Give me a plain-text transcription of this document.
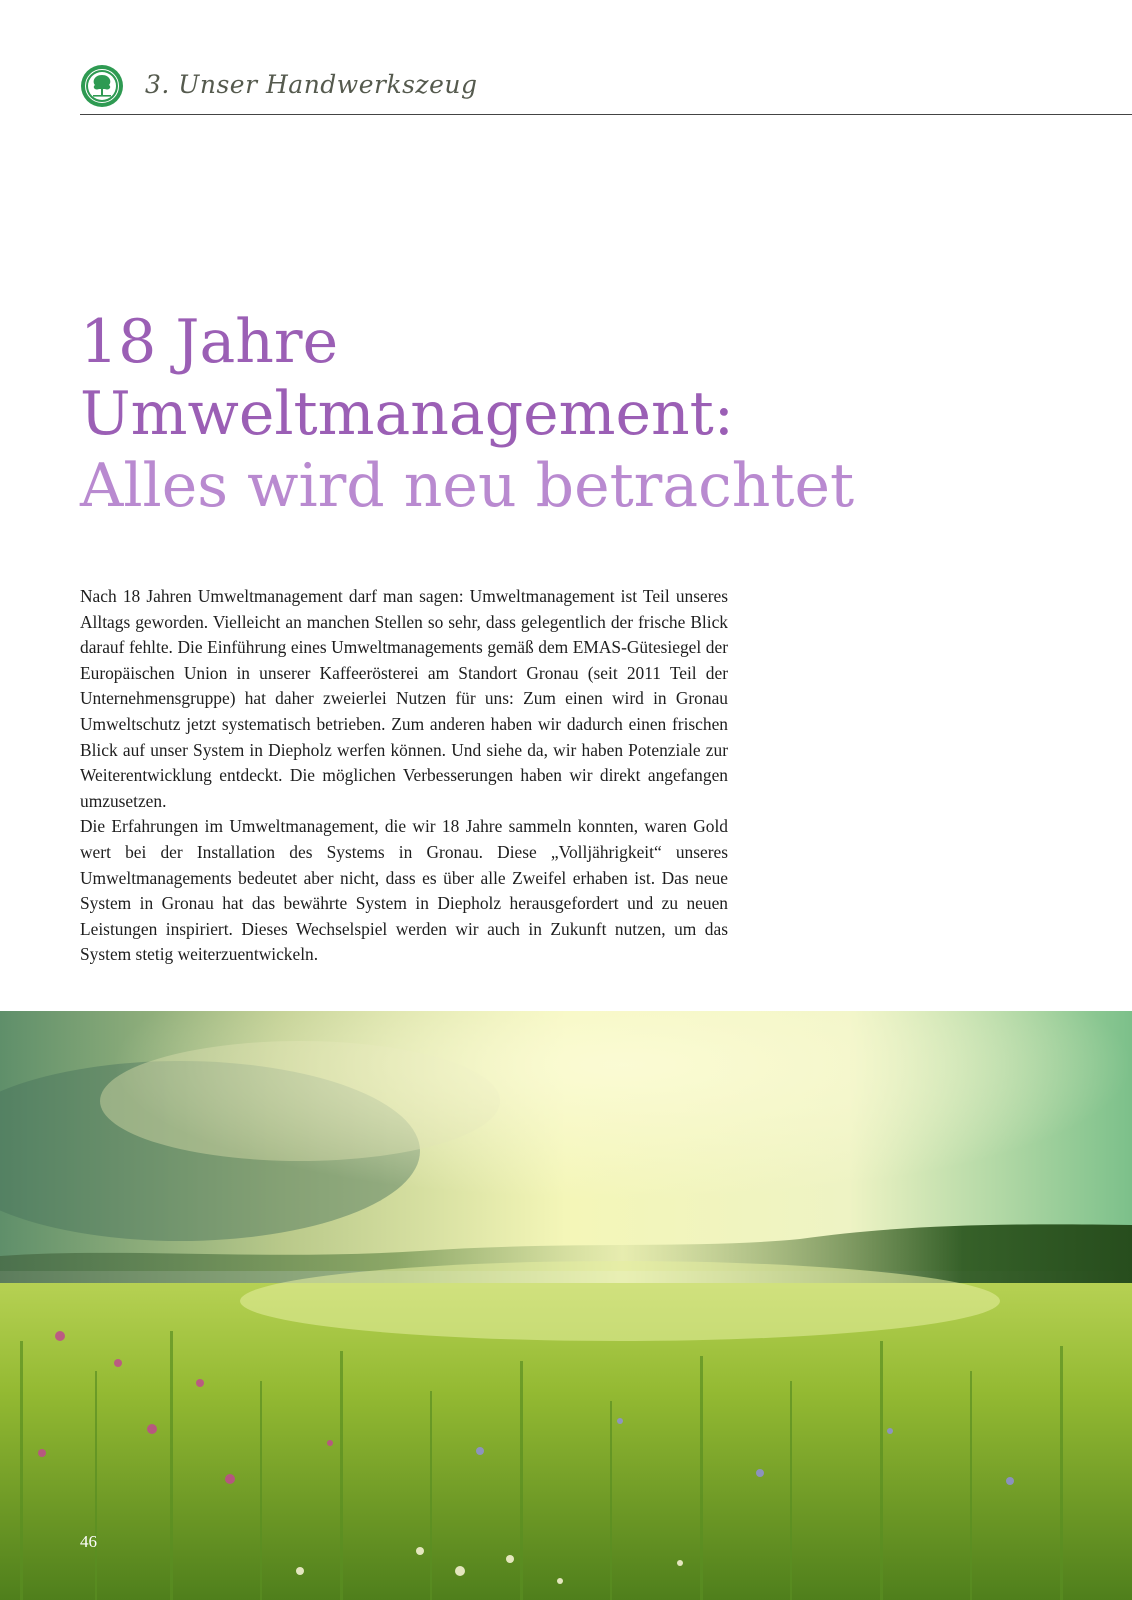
3. Unser Handwerkszeug
18 Jahre
Umweltmanagement:
Alles wird neu betrachtet

Nach 18 Jahren Umweltmanagement darf man sagen: Umweltmanagement ist Teil unseres Alltags geworden. Vielleicht an manchen Stellen so sehr, dass gelegentlich der frische Blick darauf fehlte. Die Einführung eines Umweltmanagements gemäß dem EMAS-Gütesiegel der Europäischen Union in unserer Kaffeerösterei am Standort Gronau (seit 2011 Teil der Unternehmensgruppe) hat daher zweierlei Nutzen für uns: Zum einen wird in Gronau Umweltschutz jetzt systematisch betrieben. Zum anderen haben wir dadurch einen frischen Blick auf unser System in Diepholz werfen können. Und siehe da, wir haben Potenziale zur Weiterentwicklung entdeckt. Die möglichen Verbesserungen haben wir direkt angefangen umzusetzen.

Die Erfahrungen im Umweltmanagement, die wir 18 Jahre sammeln konnten, waren Gold wert bei der Installation des Systems in Gronau. Diese „Volljährigkeit“ unseres Umweltmanagements bedeutet aber nicht, dass es über alle Zweifel erhaben ist. Das neue System in Gronau hat das bewährte System in Diepholz herausgefordert und zu neuen Leistungen inspiriert. Dieses Wechselspiel werden wir auch in Zukunft nutzen, um das System stetig weiterzuentwickeln.

46
